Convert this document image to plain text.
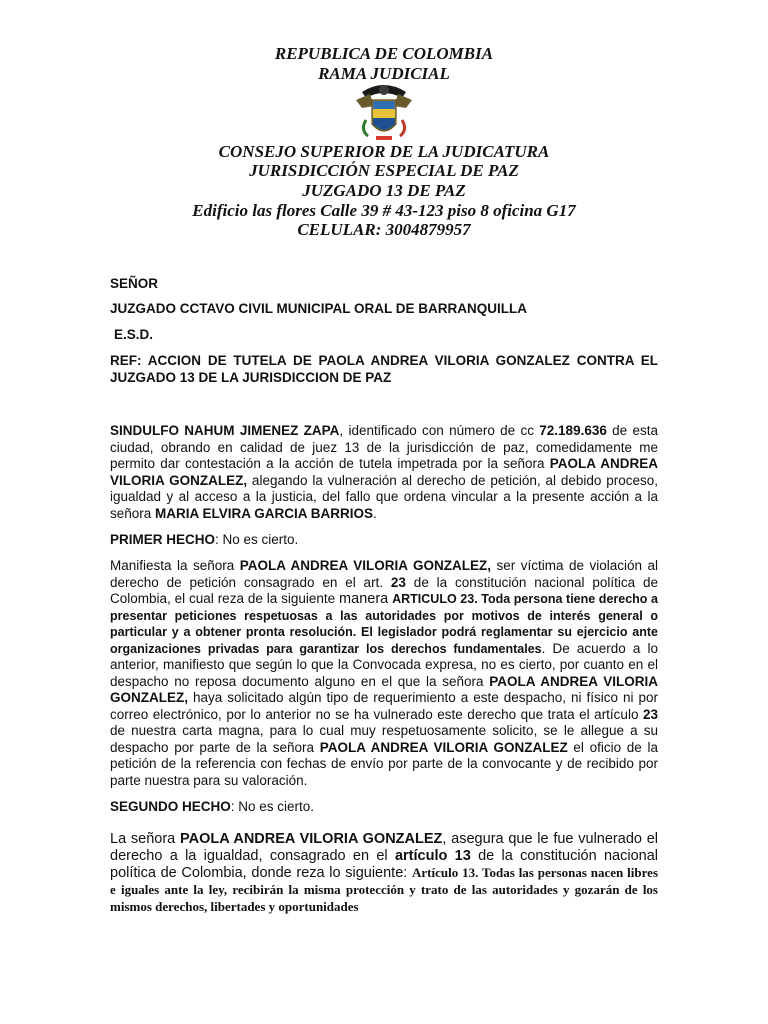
REPUBLICA DE COLOMBIA
RAMA JUDICIAL
CONSEJO SUPERIOR DE LA JUDICATURA
JURISDICCIÓN ESPECIAL DE PAZ
JUZGADO 13 DE PAZ
Edificio las flores Calle 39 # 43-123 piso 8 oficina G17
CELULAR: 3004879957
SEÑOR
JUZGADO CCTAVO CIVIL MUNICIPAL ORAL DE BARRANQUILLA
E.S.D.
REF: ACCION DE TUTELA DE PAOLA ANDREA VILORIA GONZALEZ CONTRA EL JUZGADO 13 DE LA JURISDICCION DE PAZ
SINDULFO NAHUM JIMENEZ ZAPA, identificado con número de cc 72.189.636 de esta ciudad, obrando en calidad de juez 13 de la jurisdicción de paz, comedidamente me permito dar contestación a la acción de tutela impetrada por la señora PAOLA ANDREA VILORIA GONZALEZ, alegando la vulneración al derecho de petición, al debido proceso, igualdad y al acceso a la justicia, del fallo que ordena vincular a la presente acción a la señora MARIA ELVIRA GARCIA BARRIOS.
PRIMER HECHO: No es cierto.
Manifiesta la señora PAOLA ANDREA VILORIA GONZALEZ, ser víctima de violación al derecho de petición consagrado en el art. 23 de la constitución nacional política de Colombia, el cual reza de la siguiente manera ARTICULO 23. Toda persona tiene derecho a presentar peticiones respetuosas a las autoridades por motivos de interés general o particular y a obtener pronta resolución. El legislador podrá reglamentar su ejercicio ante organizaciones privadas para garantizar los derechos fundamentales. De acuerdo a lo anterior, manifiesto que según lo que la Convocada expresa, no es cierto, por cuanto en el despacho no reposa documento alguno en el que la señora PAOLA ANDREA VILORIA GONZALEZ, haya solicitado algún tipo de requerimiento a este despacho, ni físico ni por correo electrónico, por lo anterior no se ha vulnerado este derecho que trata el artículo 23 de nuestra carta magna, para lo cual muy respetuosamente solicito, se le allegue a su despacho por parte de la señora PAOLA ANDREA VILORIA GONZALEZ el oficio de la petición de la referencia con fechas de envío por parte de la convocante y de recibido por parte nuestra para su valoración.
SEGUNDO HECHO: No es cierto.
La señora PAOLA ANDREA VILORIA GONZALEZ, asegura que le fue vulnerado el derecho a la igualdad, consagrado en el artículo 13 de la constitución nacional política de Colombia, donde reza lo siguiente: Artículo 13. Todas las personas nacen libres e iguales ante la ley, recibirán la misma protección y trato de las autoridades y gozarán de los mismos derechos, libertades y oportunidades
